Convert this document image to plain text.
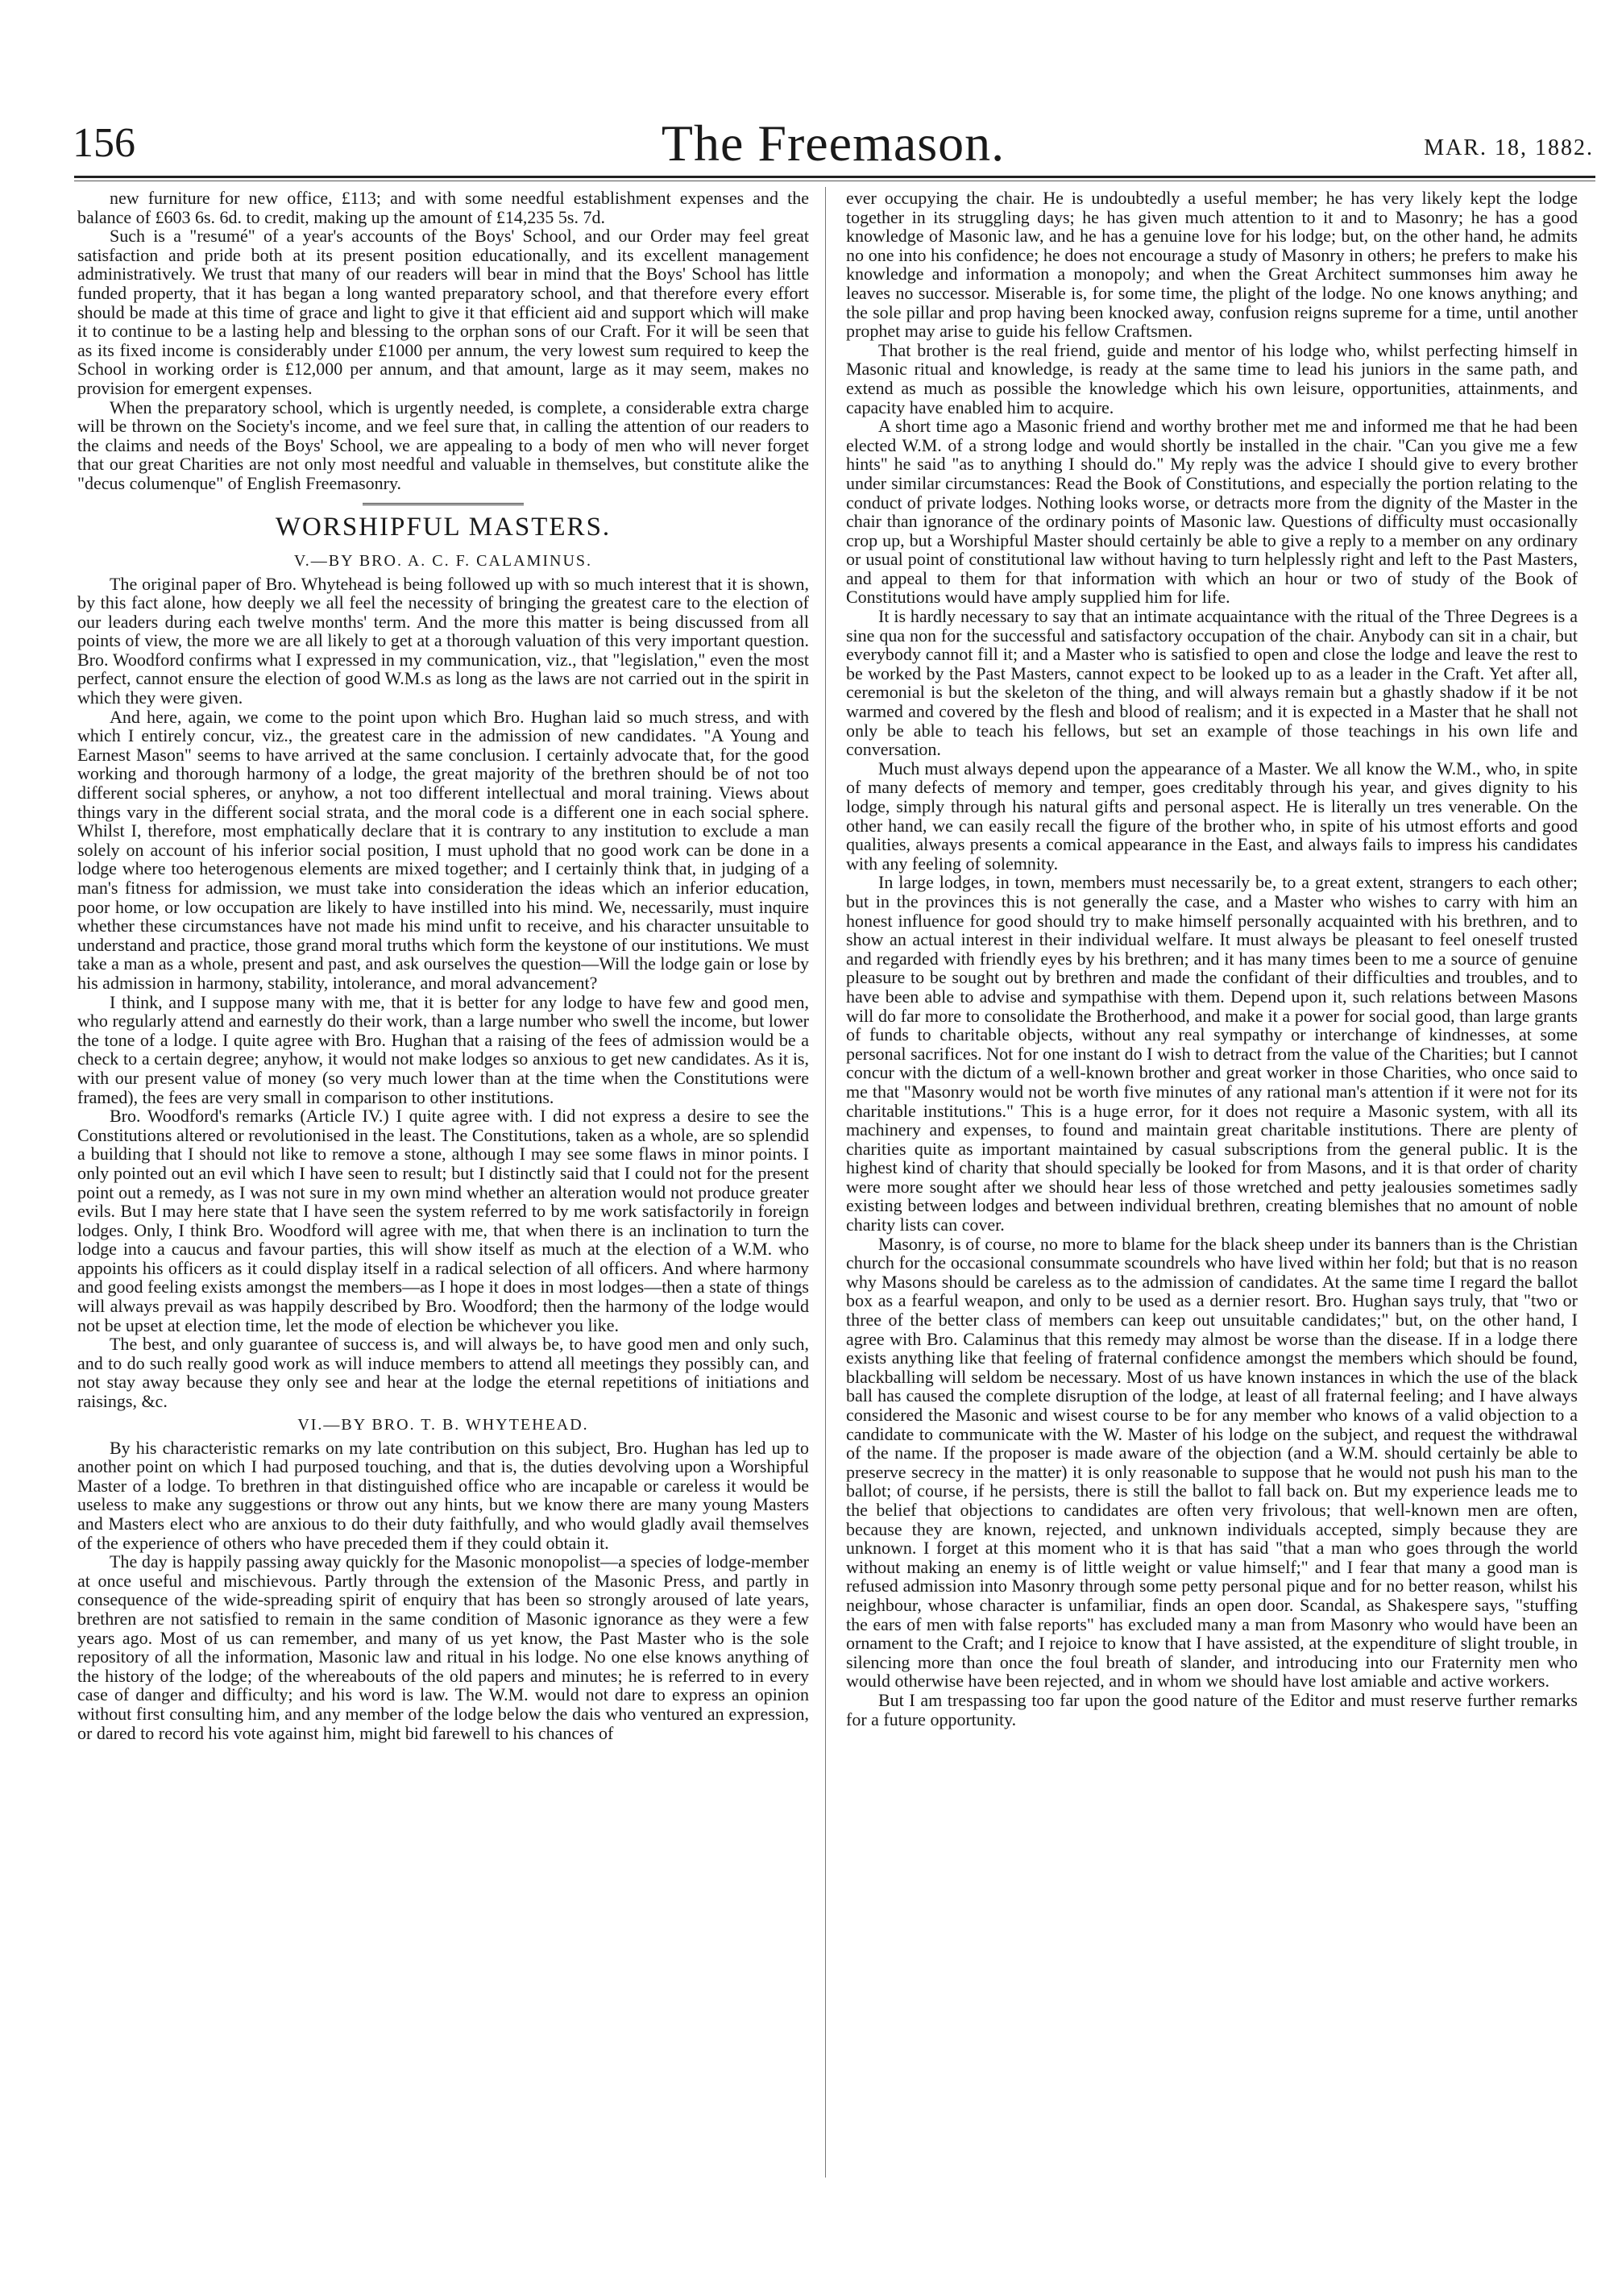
156	The Freemason.	MAR. 18, 1882.

new furniture for new office, £113; and with some needful establishment expenses and the balance of £603 6s. 6d. to credit, making up the amount of £14,235 5s. 7d.

Such is a "resumé" of a year's accounts of the Boys' School, and our Order may feel great satisfaction and pride both at its present position educationally, and its excellent management administratively. We trust that many of our readers will bear in mind that the Boys' School has little funded property, that it has began a long wanted preparatory school, and that therefore every effort should be made at this time of grace and light to give it that efficient aid and support which will make it to continue to be a lasting help and blessing to the orphan sons of our Craft. For it will be seen that as its fixed income is considerably under £1000 per annum, the very lowest sum required to keep the School in working order is £12,000 per annum, and that amount, large as it may seem, makes no provision for emergent expenses.

When the preparatory school, which is urgently needed, is complete, a considerable extra charge will be thrown on the Society's income, and we feel sure that, in calling the attention of our readers to the claims and needs of the Boys' School, we are appealing to a body of men who will never forget that our great Charities are not only most needful and valuable in themselves, but constitute alike the "decus columenque" of English Freemasonry.

WORSHIPFUL MASTERS.

V.—BY BRO. A. C. F. CALAMINUS.

The original paper of Bro. Whytehead is being followed up with so much interest that it is shown, by this fact alone, how deeply we all feel the necessity of bringing the greatest care to the election of our leaders during each twelve months' term. And the more this matter is being discussed from all points of view, the more we are all likely to get at a thorough valuation of this very important question. Bro. Woodford confirms what I expressed in my communication, viz., that "legislation," even the most perfect, cannot ensure the election of good W.M.s as long as the laws are not carried out in the spirit in which they were given.

And here, again, we come to the point upon which Bro. Hughan laid so much stress, and with which I entirely concur, viz., the greatest care in the admission of new candidates. "A Young and Earnest Mason" seems to have arrived at the same conclusion. I certainly advocate that, for the good working and thorough harmony of a lodge, the great majority of the brethren should be of not too different social spheres, or anyhow, a not too different intellectual and moral training. Views about things vary in the different social strata, and the moral code is a different one in each social sphere. Whilst I, therefore, most emphatically declare that it is contrary to any institution to exclude a man solely on account of his inferior social position, I must uphold that no good work can be done in a lodge where too heterogenous elements are mixed together; and I certainly think that, in judging of a man's fitness for admission, we must take into consideration the ideas which an inferior education, poor home, or low occupation are likely to have instilled into his mind. We, necessarily, must inquire whether these circumstances have not made his mind unfit to receive, and his character unsuitable to understand and practice, those grand moral truths which form the keystone of our institutions. We must take a man as a whole, present and past, and ask ourselves the question—Will the lodge gain or lose by his admission in harmony, stability, intolerance, and moral advancement?

I think, and I suppose many with me, that it is better for any lodge to have few and good men, who regularly attend and earnestly do their work, than a large number who swell the income, but lower the tone of a lodge. I quite agree with Bro. Hughan that a raising of the fees of admission would be a check to a certain degree; anyhow, it would not make lodges so anxious to get new candidates. As it is, with our present value of money (so very much lower than at the time when the Constitutions were framed), the fees are very small in comparison to other institutions.

Bro. Woodford's remarks (Article IV.) I quite agree with. I did not express a desire to see the Constitutions altered or revolutionised in the least. The Constitutions, taken as a whole, are so splendid a building that I should not like to remove a stone, although I may see some flaws in minor points. I only pointed out an evil which I have seen to result; but I distinctly said that I could not for the present point out a remedy, as I was not sure in my own mind whether an alteration would not produce greater evils. But I may here state that I have seen the system referred to by me work satisfactorily in foreign lodges. Only, I think Bro. Woodford will agree with me, that when there is an inclination to turn the lodge into a caucus and favour parties, this will show itself as much at the election of a W.M. who appoints his officers as it could display itself in a radical selection of all officers. And where harmony and good feeling exists amongst the members—as I hope it does in most lodges—then a state of things will always prevail as was happily described by Bro. Woodford; then the harmony of the lodge would not be upset at election time, let the mode of election be whichever you like.

The best, and only guarantee of success is, and will always be, to have good men and only such, and to do such really good work as will induce members to attend all meetings they possibly can, and not stay away because they only see and hear at the lodge the eternal repetitions of initiations and raisings, &c.

VI.—BY BRO. T. B. WHYTEHEAD.

By his characteristic remarks on my late contribution on this subject, Bro. Hughan has led up to another point on which I had purposed touching, and that is, the duties devolving upon a Worshipful Master of a lodge. To brethren in that distinguished office who are incapable or careless it would be useless to make any suggestions or throw out any hints, but we know there are many young Masters and Masters elect who are anxious to do their duty faithfully, and who would gladly avail themselves of the experience of others who have preceded them if they could obtain it.

The day is happily passing away quickly for the Masonic monopolist—a species of lodge-member at once useful and mischievous. Partly through the extension of the Masonic Press, and partly in consequence of the wide-spreading spirit of enquiry that has been so strongly aroused of late years, brethren are not satisfied to remain in the same condition of Masonic ignorance as they were a few years ago. Most of us can remember, and many of us yet know, the Past Master who is the sole repository of all the information, Masonic law and ritual in his lodge. No one else knows anything of the history of the lodge; of the whereabouts of the old papers and minutes; he is referred to in every case of danger and difficulty; and his word is law. The W.M. would not dare to express an opinion without first consulting him, and any member of the lodge below the dais who ventured an expression, or dared to record his vote against him, might bid farewell to his chances of

ever occupying the chair. He is undoubtedly a useful member; he has very likely kept the lodge together in its struggling days; he has given much attention to it and to Masonry; he has a good knowledge of Masonic law, and he has a genuine love for his lodge; but, on the other hand, he admits no one into his confidence; he does not encourage a study of Masonry in others; he prefers to make his knowledge and information a monopoly; and when the Great Architect summonses him away he leaves no successor. Miserable is, for some time, the plight of the lodge. No one knows anything; and the sole pillar and prop having been knocked away, confusion reigns supreme for a time, until another prophet may arise to guide his fellow Craftsmen.

That brother is the real friend, guide and mentor of his lodge who, whilst perfecting himself in Masonic ritual and knowledge, is ready at the same time to lead his juniors in the same path, and extend as much as possible the knowledge which his own leisure, opportunities, attainments, and capacity have enabled him to acquire.

A short time ago a Masonic friend and worthy brother met me and informed me that he had been elected W.M. of a strong lodge and would shortly be installed in the chair. "Can you give me a few hints" he said "as to anything I should do." My reply was the advice I should give to every brother under similar circumstances: Read the Book of Constitutions, and especially the portion relating to the conduct of private lodges. Nothing looks worse, or detracts more from the dignity of the Master in the chair than ignorance of the ordinary points of Masonic law. Questions of difficulty must occasionally crop up, but a Worshipful Master should certainly be able to give a reply to a member on any ordinary or usual point of constitutional law without having to turn helplessly right and left to the Past Masters, and appeal to them for that information with which an hour or two of study of the Book of Constitutions would have amply supplied him for life.

It is hardly necessary to say that an intimate acquaintance with the ritual of the Three Degrees is a sine qua non for the successful and satisfactory occupation of the chair. Anybody can sit in a chair, but everybody cannot fill it; and a Master who is satisfied to open and close the lodge and leave the rest to be worked by the Past Masters, cannot expect to be looked up to as a leader in the Craft. Yet after all, ceremonial is but the skeleton of the thing, and will always remain but a ghastly shadow if it be not warmed and covered by the flesh and blood of realism; and it is expected in a Master that he shall not only be able to teach his fellows, but set an example of those teachings in his own life and conversation.

Much must always depend upon the appearance of a Master. We all know the W.M., who, in spite of many defects of memory and temper, goes creditably through his year, and gives dignity to his lodge, simply through his natural gifts and personal aspect. He is literally un tres venerable. On the other hand, we can easily recall the figure of the brother who, in spite of his utmost efforts and good qualities, always presents a comical appearance in the East, and always fails to impress his candidates with any feeling of solemnity.

In large lodges, in town, members must necessarily be, to a great extent, strangers to each other; but in the provinces this is not generally the case, and a Master who wishes to carry with him an honest influence for good should try to make himself personally acquainted with his brethren, and to show an actual interest in their individual welfare. It must always be pleasant to feel oneself trusted and regarded with friendly eyes by his brethren; and it has many times been to me a source of genuine pleasure to be sought out by brethren and made the confidant of their difficulties and troubles, and to have been able to advise and sympathise with them. Depend upon it, such relations between Masons will do far more to consolidate the Brotherhood, and make it a power for social good, than large grants of funds to charitable objects, without any real sympathy or interchange of kindnesses, at some personal sacrifices. Not for one instant do I wish to detract from the value of the Charities; but I cannot concur with the dictum of a well-known brother and great worker in those Charities, who once said to me that "Masonry would not be worth five minutes of any rational man's attention if it were not for its charitable institutions." This is a huge error, for it does not require a Masonic system, with all its machinery and expenses, to found and maintain great charitable institutions. There are plenty of charities quite as important maintained by casual subscriptions from the general public. It is the highest kind of charity that should specially be looked for from Masons, and it is that order of charity were more sought after we should hear less of those wretched and petty jealousies sometimes sadly existing between lodges and between individual brethren, creating blemishes that no amount of noble charity lists can cover.

Masonry, is of course, no more to blame for the black sheep under its banners than is the Christian church for the occasional consummate scoundrels who have lived within her fold; but that is no reason why Masons should be careless as to the admission of candidates. At the same time I regard the ballot box as a fearful weapon, and only to be used as a dernier resort. Bro. Hughan says truly, that "two or three of the better class of members can keep out unsuitable candidates;" but, on the other hand, I agree with Bro. Calaminus that this remedy may almost be worse than the disease. If in a lodge there exists anything like that feeling of fraternal confidence amongst the members which should be found, blackballing will seldom be necessary. Most of us have known instances in which the use of the black ball has caused the complete disruption of the lodge, at least of all fraternal feeling; and I have always considered the Masonic and wisest course to be for any member who knows of a valid objection to a candidate to communicate with the W. Master of his lodge on the subject, and request the withdrawal of the name. If the proposer is made aware of the objection (and a W.M. should certainly be able to preserve secrecy in the matter) it is only reasonable to suppose that he would not push his man to the ballot; of course, if he persists, there is still the ballot to fall back on. But my experience leads me to the belief that objections to candidates are often very frivolous; that well-known men are often, because they are known, rejected, and unknown individuals accepted, simply because they are unknown. I forget at this moment who it is that has said "that a man who goes through the world without making an enemy is of little weight or value himself;" and I fear that many a good man is refused admission into Masonry through some petty personal pique and for no better reason, whilst his neighbour, whose character is unfamiliar, finds an open door. Scandal, as Shakespere says, "stuffing the ears of men with false reports" has excluded many a man from Masonry who would have been an ornament to the Craft; and I rejoice to know that I have assisted, at the expenditure of slight trouble, in silencing more than once the foul breath of slander, and introducing into our Fraternity men who would otherwise have been rejected, and in whom we should have lost amiable and active workers.

But I am trespassing too far upon the good nature of the Editor and must reserve further remarks for a future opportunity.
